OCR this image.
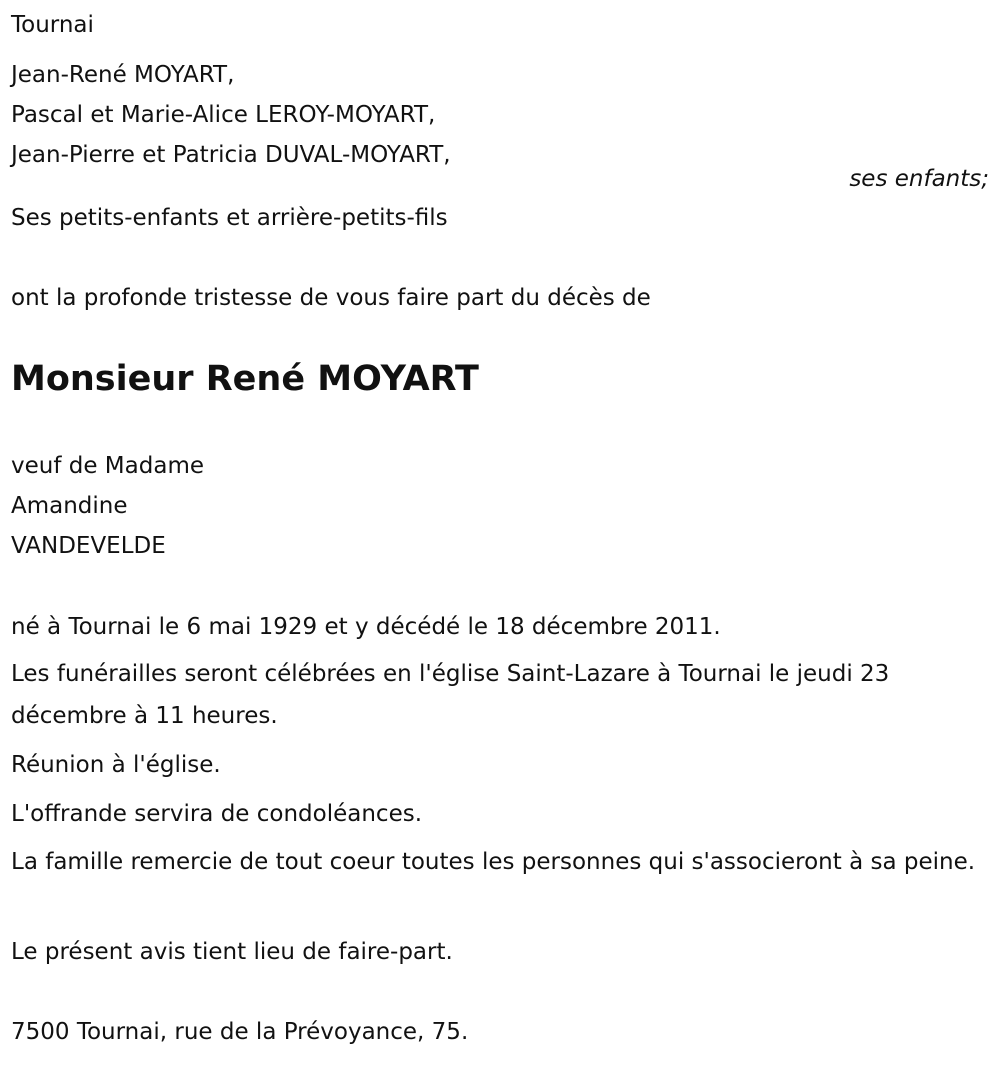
Tournai
Jean-René MOYART,
Pascal et Marie-Alice LEROY-MOYART,
Jean-Pierre et Patricia DUVAL-MOYART,
ses enfants;
Ses petits-enfants et arrière-petits-fils
ont la profonde tristesse de vous faire part du décès de
Monsieur René MOYART
veuf de Madame
Amandine
VANDEVELDE
né à Tournai le 6 mai 1929 et y décédé le 18 décembre 2011.
Les funérailles seront célébrées en l'église Saint-Lazare à Tournai le jeudi 23 décembre à 11 heures.
Réunion à l'église.
L'offrande servira de condoléances.
La famille remercie de tout coeur toutes les personnes qui s'associeront à sa peine.
Le présent avis tient lieu de faire-part.
7500 Tournai, rue de la Prévoyance, 75.
